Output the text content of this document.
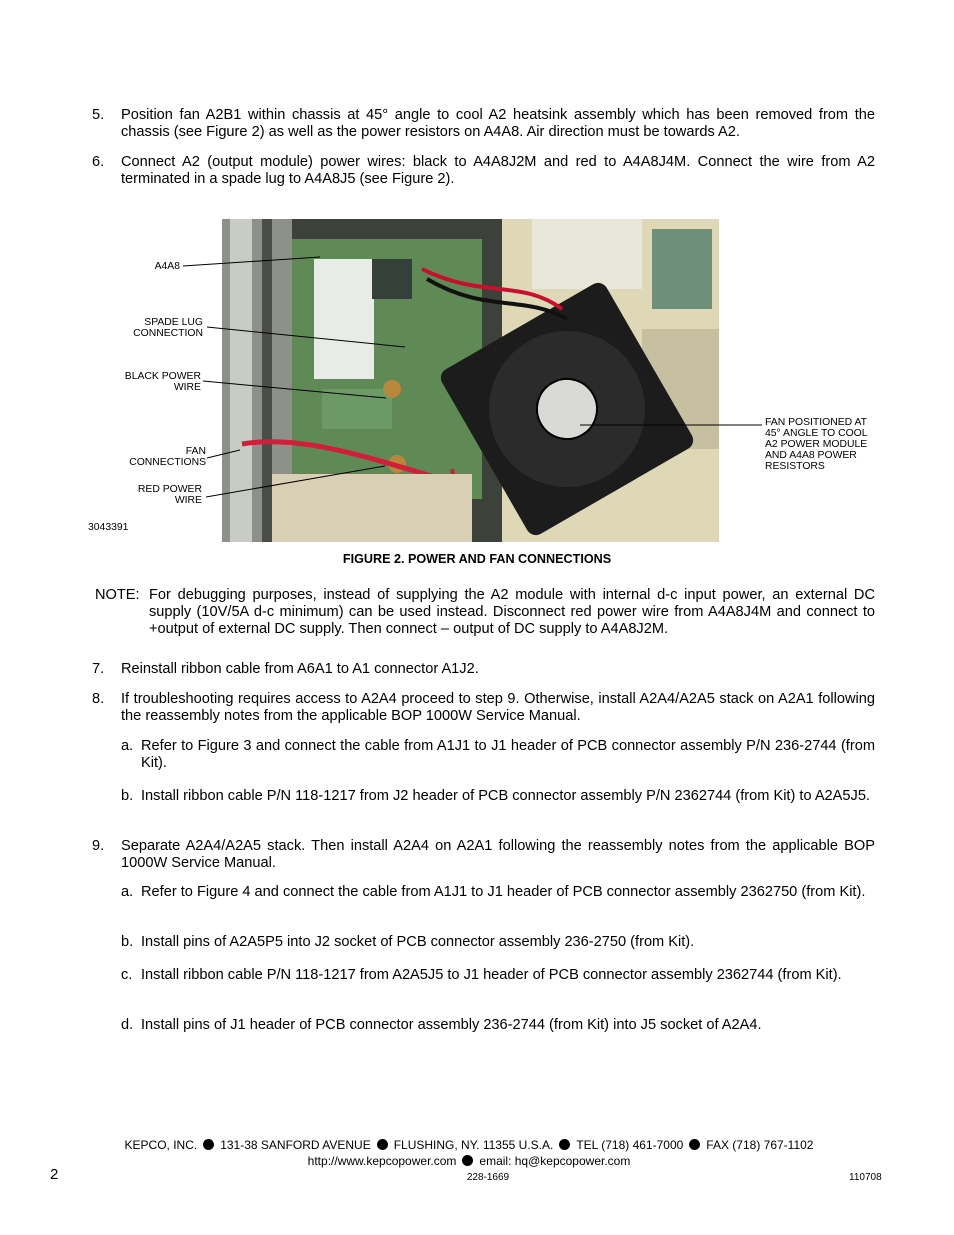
5. Position fan A2B1 within chassis at 45° angle to cool A2 heatsink assembly which has been removed from the chassis (see Figure 2) as well as the power resistors on A4A8. Air direction must be towards A2.
6. Connect A2 (output module) power wires: black to A4A8J2M and red to A4A8J4M. Connect the wire from A2 terminated in a spade lug to A4A8J5 (see Figure 2).
A4A8
SPADE LUG CONNECTION
BLACK POWER WIRE
FAN CONNECTIONS
RED POWER WIRE
FAN POSITIONED AT 45° ANGLE TO COOL A2 POWER MODULE AND A4A8 POWER RESISTORS
3043391
FIGURE 2. POWER AND FAN CONNECTIONS
NOTE: For debugging purposes, instead of supplying the A2 module with internal d-c input power, an external DC supply (10V/5A d-c minimum) can be used instead. Disconnect red power wire from A4A8J4M and connect to +output of external DC supply. Then connect – output of DC supply to A4A8J2M.
7. Reinstall ribbon cable from A6A1 to A1 connector A1J2.
8. If troubleshooting requires access to A2A4 proceed to step 9. Otherwise, install A2A4/A2A5 stack on A2A1 following the reassembly notes from the applicable BOP 1000W Service Manual.
a. Refer to Figure 3 and connect the cable from A1J1 to J1 header of PCB connector assembly P/N 236-2744 (from Kit).
b. Install ribbon cable P/N 118-1217 from J2 header of PCB connector assembly P/N 2362744 (from Kit) to A2A5J5.
9. Separate A2A4/A2A5 stack. Then install A2A4 on A2A1 following the reassembly notes from the applicable BOP 1000W Service Manual.
a. Refer to Figure 4 and connect the cable from A1J1 to J1 header of PCB connector assembly 2362750 (from Kit).
b. Install pins of A2A5P5 into J2 socket of PCB connector assembly 236-2750 (from Kit).
c. Install ribbon cable P/N 118-1217 from A2A5J5 to J1 header of PCB connector assembly 2362744 (from Kit).
d. Install pins of J1 header of PCB connector assembly 236-2744 (from Kit) into J5 socket of A2A4.
KEPCO, INC. 131-38 SANFORD AVENUE FLUSHING, NY. 11355 U.S.A. TEL (718) 461-7000 FAX (718) 767-1102
http://www.kepcopower.com email: hq@kepcopower.com
2	228-1669	110708
